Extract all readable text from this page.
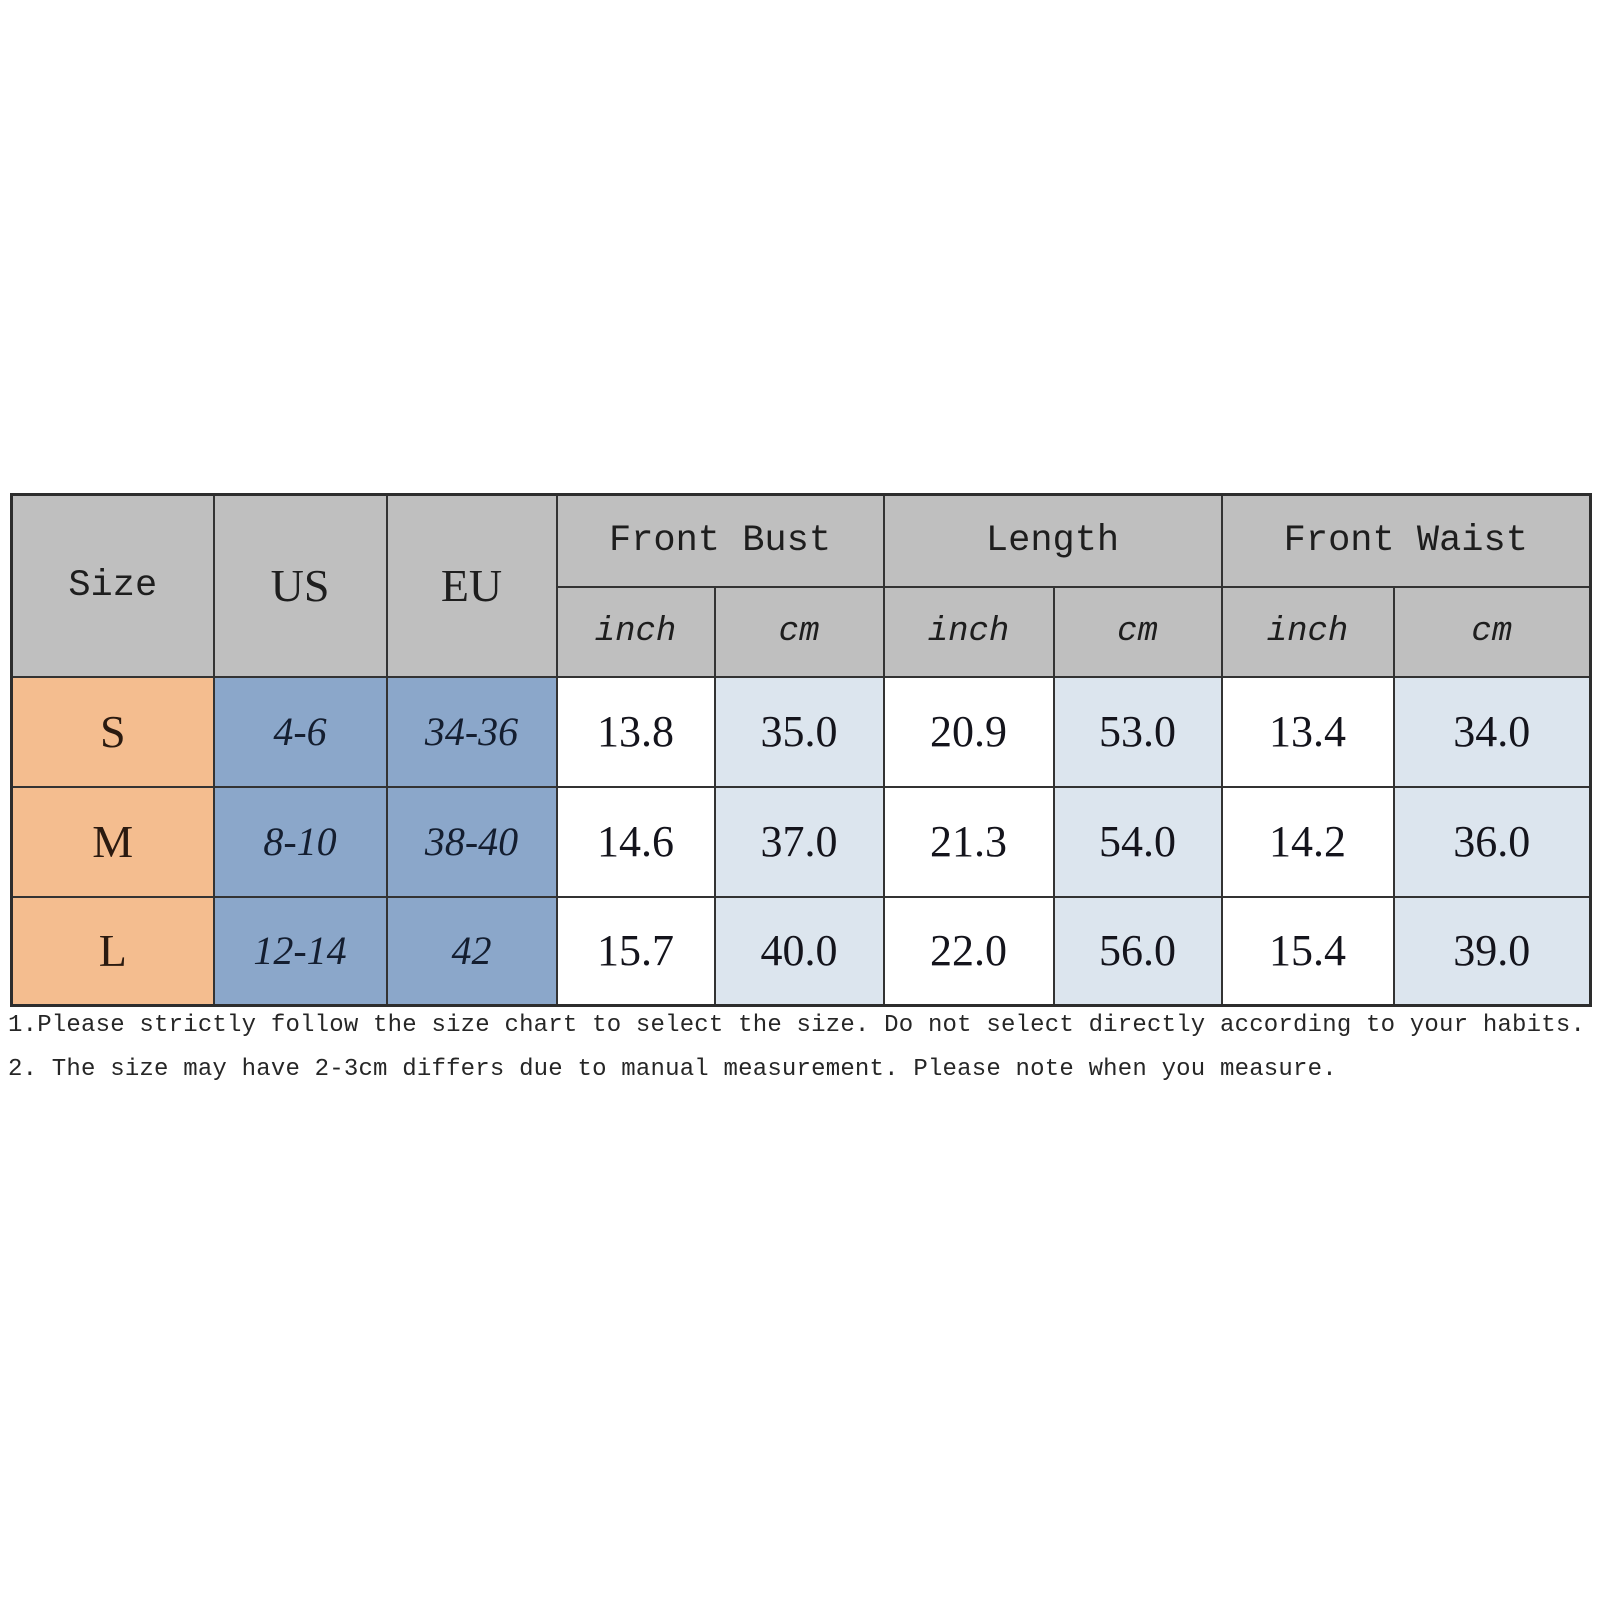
Size	US	EU	Front Bust		Length		Front Waist	
			inch	cm	inch	cm	inch	cm
S	4-6	34-36	13.8	35.0	20.9	53.0	13.4	34.0
M	8-10	38-40	14.6	37.0	21.3	54.0	14.2	36.0
L	12-14	42	15.7	40.0	22.0	56.0	15.4	39.0

1.Please strictly follow the size chart to select the size. Do not select directly according to your habits.

2. The size may have 2-3cm differs due to manual measurement. Please note when you measure.
